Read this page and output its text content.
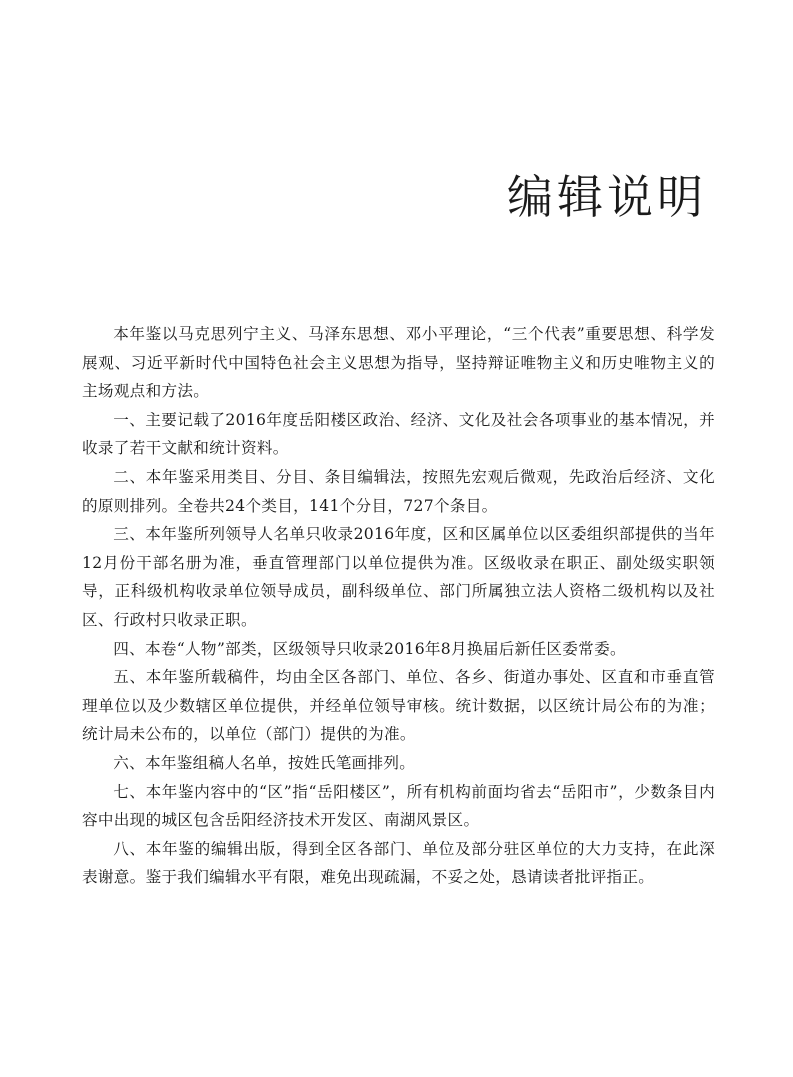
编辑说明

本年鉴以马克思列宁主义、马泽东思想、邓小平理论，“三个代表”重要思想、科学发展观、习近平新时代中国特色社会主义思想为指导，坚持辩证唯物主义和历史唯物主义的主场观点和方法。

一、主要记载了2016年度岳阳楼区政治、经济、文化及社会各项事业的基本情况，并收录了若干文献和统计资料。

二、本年鉴采用类目、分目、条目编辑法，按照先宏观后微观，先政治后经济、文化的原则排列。全卷共24个类目，141个分目，727个条目。

三、本年鉴所列领导人名单只收录2016年度，区和区属单位以区委组织部提供的当年12月份干部名册为准，垂直管理部门以单位提供为准。区级收录在职正、副处级实职领导，正科级机构收录单位领导成员，副科级单位、部门所属独立法人资格二级机构以及社区、行政村只收录正职。

四、本卷“人物”部类，区级领导只收录2016年8月换届后新任区委常委。

五、本年鉴所载稿件，均由全区各部门、单位、各乡、街道办事处、区直和市垂直管理单位以及少数辖区单位提供，并经单位领导审核。统计数据，以区统计局公布的为准；统计局未公布的，以单位（部门）提供的为准。

六、本年鉴组稿人名单，按姓氏笔画排列。

七、本年鉴内容中的“区”指“岳阳楼区”，所有机构前面均省去“岳阳市”，少数条目内容中出现的城区包含岳阳经济技术开发区、南湖风景区。

八、本年鉴的编辑出版，得到全区各部门、单位及部分驻区单位的大力支持，在此深表谢意。鉴于我们编辑水平有限，难免出现疏漏，不妥之处，恳请读者批评指正。
